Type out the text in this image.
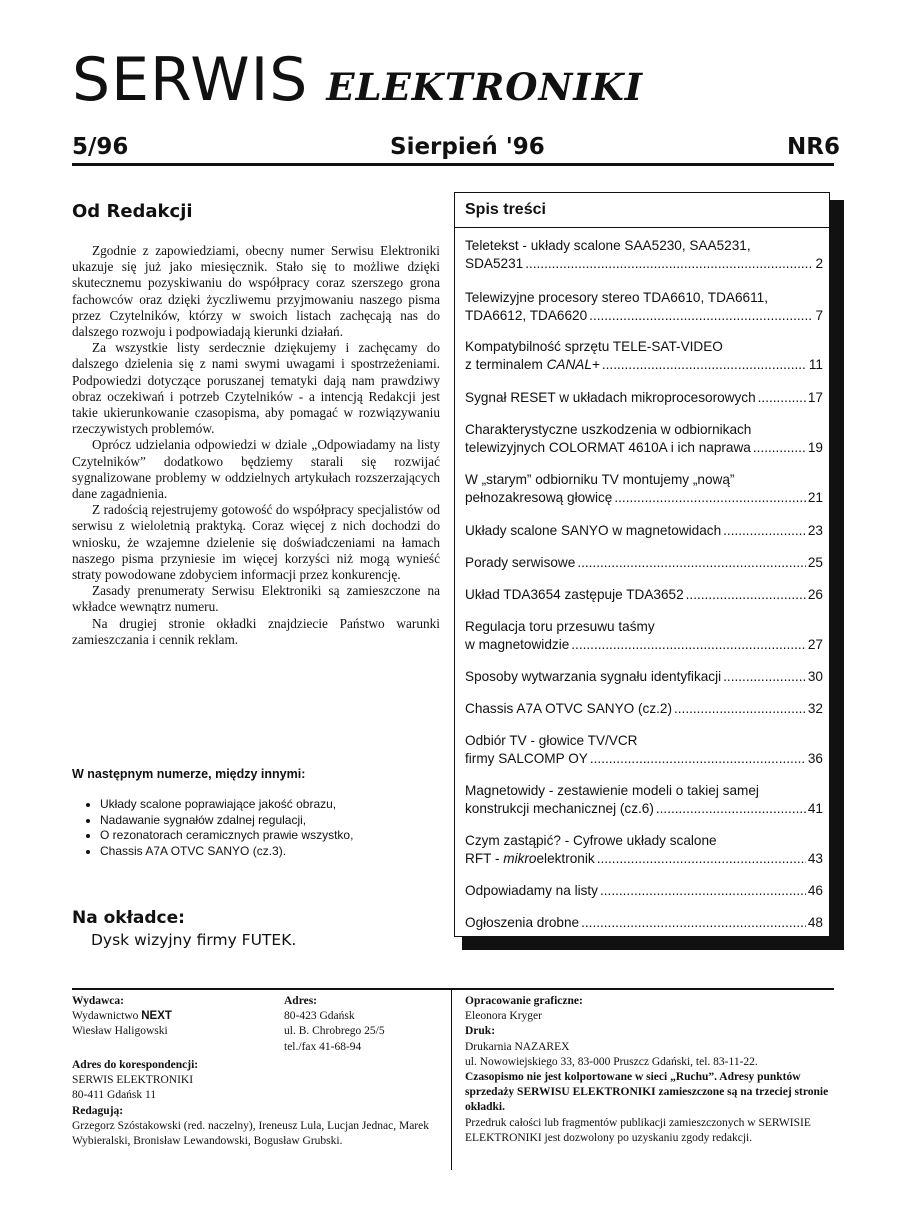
SERWIS ELEKTRONIKI
5/96	Sierpień '96	NR6
Od Redakcji

Zgodnie z zapowiedziami, obecny numer Serwisu Elektroniki ukazuje się już jako miesięcznik. Stało się to możliwe dzięki skutecznemu pozyskiwaniu do współpracy coraz szerszego grona fachowców oraz dzięki życzliwemu przyjmowaniu naszego pisma przez Czytelników, którzy w swoich listach zachęcają nas do dalszego rozwoju i podpowiadają kierunki działań.

Za wszystkie listy serdecznie dziękujemy i zachęcamy do dalszego dzielenia się z nami swymi uwagami i spostrzeżeniami. Podpowiedzi dotyczące poruszanej tematyki dają nam prawdziwy obraz oczekiwań i potrzeb Czytelników - a intencją Redakcji jest takie ukierunkowanie czasopisma, aby pomagać w rozwiązywaniu rzeczywistych problemów.

Oprócz udzielania odpowiedzi w dziale „Odpowiadamy na listy Czytelników” dodatkowo będziemy starali się rozwijać sygnalizowane problemy w oddzielnych artykułach rozszerzających dane zagadnienia.

Z radością rejestrujemy gotowość do współpracy specjalistów od serwisu z wieloletnią praktyką. Coraz więcej z nich dochodzi do wniosku, że wzajemne dzielenie się doświadczeniami na łamach naszego pisma przyniesie im więcej korzyści niż mogą wynieść straty powodowane zdobyciem informacji przez konkurencję.

Zasady prenumeraty Serwisu Elektroniki są zamieszczone na wkładce wewnątrz numeru.

Na drugiej stronie okładki znajdziecie Państwo warunki zamieszczania i cennik reklam.

W następnym numerze, między innymi:
• Układy scalone poprawiające jakość obrazu,
• Nadawanie sygnałów zdalnej regulacji,
• O rezonatorach ceramicznych prawie wszystko,
• Chassis A7A OTVC SANYO (cz.3).
Na okładce:
Dysk wizyjny firmy FUTEK.
Spis treści
Teletekst - układy scalone SAA5230, SAA5231,
SDA5231 .....	2
Telewizyjne procesory stereo TDA6610, TDA6611,
TDA6612, TDA6620 .....	7
Kompatybilność sprzętu TELE-SAT-VIDEO
z terminalem CANAL+ .....	11
Sygnał RESET w układach mikroprocesorowych .....	17
Charakterystyczne uszkodzenia w odbiornikach
telewizyjnych COLORMAT 4610A i ich naprawa .....	19
W „starym” odbiorniku TV montujemy „nową”
pełnozakresową głowicę .....	21
Układy scalone SANYO w magnetowidach .....	23
Porady serwisowe .....	25
Układ TDA3654 zastępuje TDA3652 .....	26
Regulacja toru przesuwu taśmy
w magnetowidzie .....	27
Sposoby wytwarzania sygnału identyfikacji .....	30
Chassis A7A OTVC SANYO (cz.2) .....	32
Odbiór TV - głowice TV/VCR
firmy SALCOMP OY .....	36
Magnetowidy - zestawienie modeli o takiej samej
konstrukcji mechanicznej (cz.6) .....	41
Czym zastąpić? - Cyfrowe układy scalone
RFT - mikroelektronik .....	43
Odpowiadamy na listy .....	46
Ogłoszenia drobne .....	48
Wydawca:
Wydawnictwo NEXT
Wiesław Haligowski
Adres:
80-423 Gdańsk
ul. B. Chrobrego 25/5
tel./fax 41-68-94
Adres do korespondencji:
SERWIS ELEKTRONIKI
80-411 Gdańsk 11
Redagują:
Grzegorz Szóstakowski (red. naczelny), Ireneusz Lula, Lucjan Jednac, Marek Wybieralski, Bronisław Lewandowski, Bogusław Grubski.
Opracowanie graficzne:
Eleonora Kryger
Druk:
Drukarnia NAZAREX
ul. Nowowiejskiego 33, 83-000 Pruszcz Gdański, tel. 83-11-22.
Czasopismo nie jest kolportowane w sieci „Ruchu”. Adresy punktów sprzedaży SERWISU ELEKTRONIKI zamieszczone są na trzeciej stronie okładki.
Przedruk całości lub fragmentów publikacji zamieszczonych w SERWISIE ELEKTRONIKI jest dozwolony po uzyskaniu zgody redakcji.
